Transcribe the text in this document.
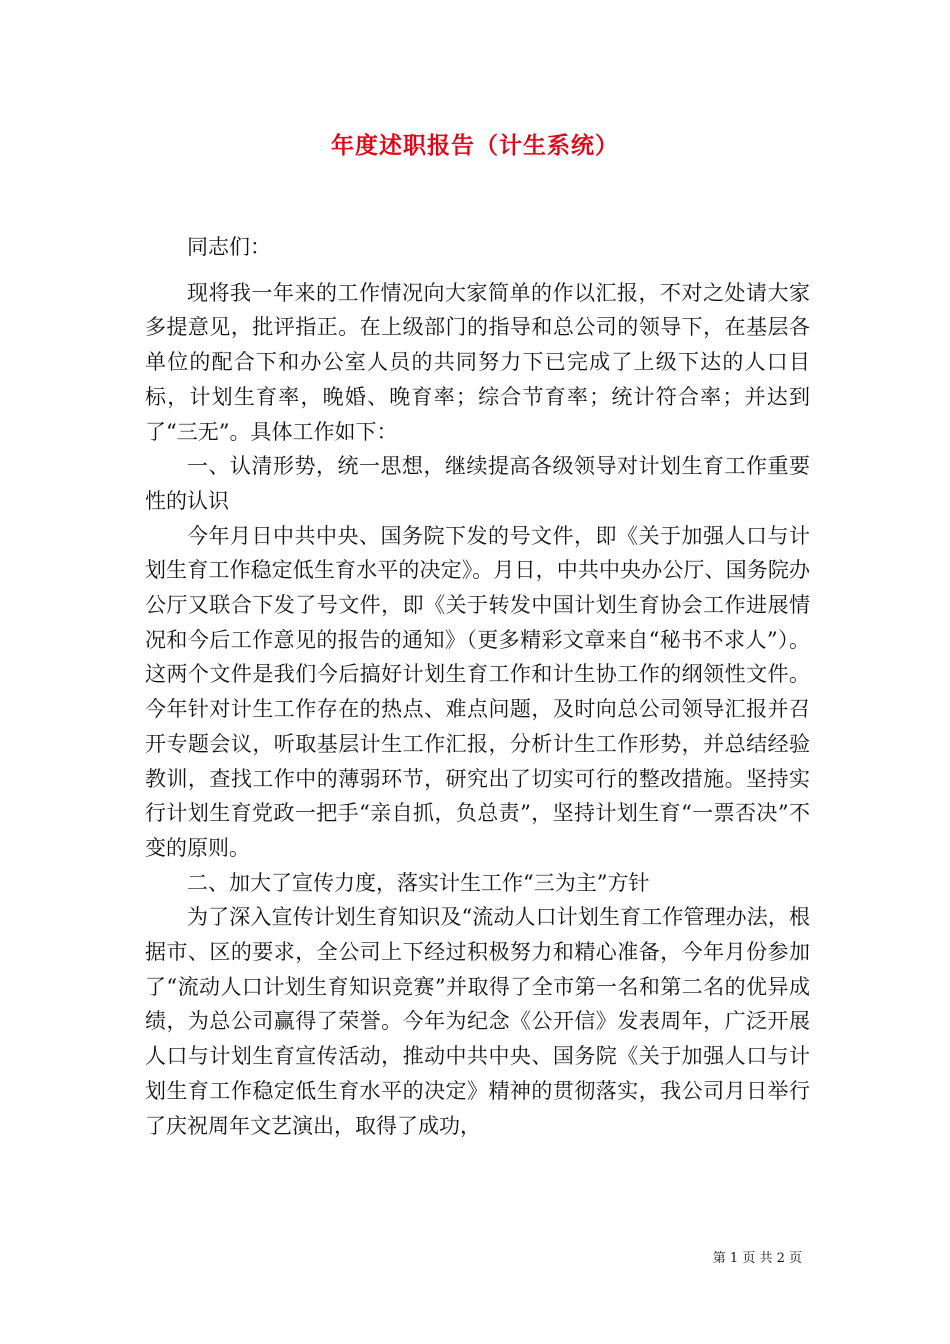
年度述职报告（计生系统）

同志们：

现将我一年来的工作情况向大家简单的作以汇报，不对之处请大家多提意见，批评指正。在上级部门的指导和总公司的领导下，在基层各单位的配合下和办公室人员的共同努力下已完成了上级下达的人口目标，计划生育率，晚婚、晚育率；综合节育率；统计符合率；并达到了“三无”。具体工作如下：

一、认清形势，统一思想，继续提高各级领导对计划生育工作重要性的认识

今年月日中共中央、国务院下发的号文件，即《关于加强人口与计划生育工作稳定低生育水平的决定》。月日，中共中央办公厅、国务院办公厅又联合下发了号文件，即《关于转发中国计划生育协会工作进展情况和今后工作意见的报告的通知》（更多精彩文章来自“秘书不求人”）。这两个文件是我们今后搞好计划生育工作和计生协工作的纲领性文件。今年针对计生工作存在的热点、难点问题，及时向总公司领导汇报并召开专题会议，听取基层计生工作汇报，分析计生工作形势，并总结经验教训，查找工作中的薄弱环节，研究出了切实可行的整改措施。坚持实行计划生育党政一把手“亲自抓，负总责”，坚持计划生育“一票否决”不变的原则。

二、加大了宣传力度，落实计生工作“三为主”方针

为了深入宣传计划生育知识及“流动人口计划生育工作管理办法，根据市、区的要求，全公司上下经过积极努力和精心准备，今年月份参加了“流动人口计划生育知识竞赛”并取得了全市第一名和第二名的优异成绩，为总公司赢得了荣誉。今年为纪念《公开信》发表周年，广泛开展人口与计划生育宣传活动，推动中共中央、国务院《关于加强人口与计划生育工作稳定低生育水平的决定》精神的贯彻落实，我公司月日举行了庆祝周年文艺演出，取得了成功，

第 1 页 共 2 页
